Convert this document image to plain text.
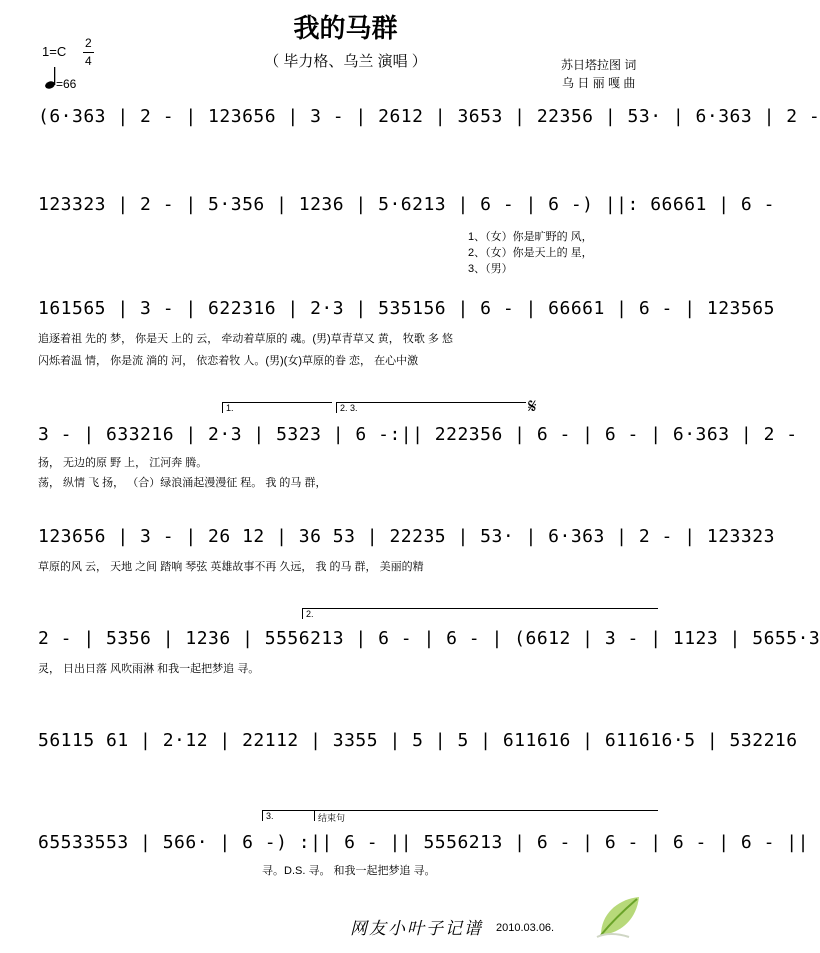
我的马群
（ 毕力格、乌兰 演唱 ）
1=C
2
4
=66
苏日塔拉图 词
乌 日 丽 嘎 曲
(6·363 | 2 - | 123656 | 3 - | 2612 | 3653 | 22356 | 53· | 6·363 | 2 -
123323 | 2 - | 5·356 | 1236 | 5·6213 | 6 - | 6 -) ||: 66661 | 6 -
1、（女）你是旷野的 风，
2、（女）你是天上的 星，
3、（男）
161565 | 3 - | 622316 | 2·3 | 535156 | 6 - | 66661 | 6 - | 123565
追逐着祖 先的 梦， 你是天 上的 云， 牵动着草原的 魂。(男)草青草又 黄， 牧歌 多 悠
闪烁着温 情， 你是流 淌的 河， 依恋着牧 人。(男)(女)草原的眷 恋， 在心中激
1.	2. 3.	𝄋
3 - | 633216 | 2·3 | 5323 | 6 -:|| 222356 | 6 - | 6 - | 6·363 | 2 -
扬， 无边的原 野 上， 江河奔 腾。
荡， 纵情 飞 扬， （合）绿浪涌起漫漫征 程。 我 的马 群，
123656 | 3 - | 26 12 | 36 53 | 22235 | 53· | 6·363 | 2 - | 123323
草原的风 云， 天地 之间 踏响 琴弦 英雄故事不再 久远， 我 的马 群， 美丽的精
2.
2 - | 5356 | 1236 | 5556213 | 6 - | 6 - | (6612 | 3 - | 1123 | 5655·3
灵， 日出日落 风吹雨淋 和我一起把梦追 寻。
56115 61 | 2·12 | 22112 | 3355 | 5 | 5 | 611616 | 611616·5 | 532216
3.	结束句
65533553 | 566· | 6 -) :|| 6 - || 5556213 | 6 - | 6 - | 6 - | 6 - ||
寻。D.S. 寻。 和我一起把梦追 寻。
网友小叶子记谱 2010.03.06.
